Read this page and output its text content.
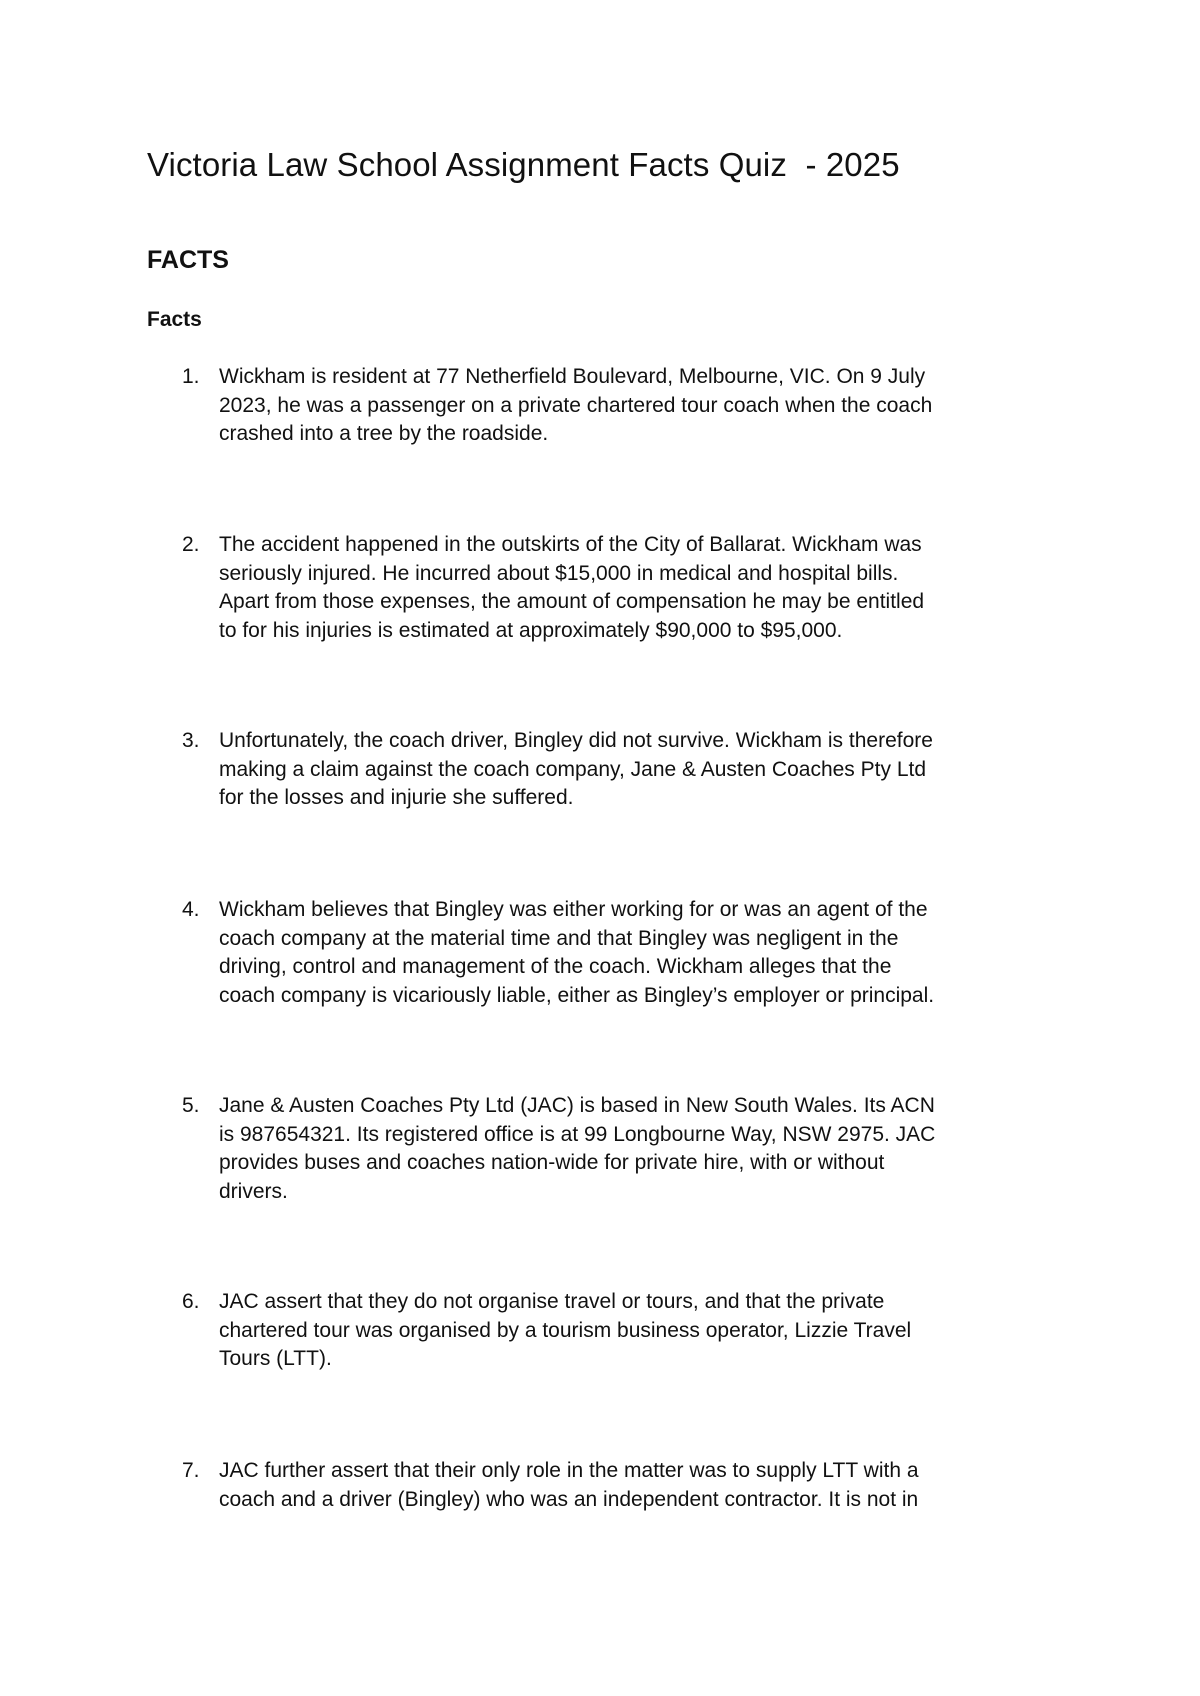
Victoria Law School Assignment Facts Quiz  - 2025
FACTS
Facts
1. Wickham is resident at 77 Netherfield Boulevard, Melbourne, VIC. On 9 July
2023, he was a passenger on a private chartered tour coach when the coach
crashed into a tree by the roadside.
2. The accident happened in the outskirts of the City of Ballarat. Wickham was
seriously injured. He incurred about $15,000 in medical and hospital bills.
Apart from those expenses, the amount of compensation he may be entitled
to for his injuries is estimated at approximately $90,000 to $95,000.
3. Unfortunately, the coach driver, Bingley did not survive. Wickham is therefore
making a claim against the coach company, Jane & Austen Coaches Pty Ltd
for the losses and injurie she suffered.
4. Wickham believes that Bingley was either working for or was an agent of the
coach company at the material time and that Bingley was negligent in the
driving, control and management of the coach. Wickham alleges that the
coach company is vicariously liable, either as Bingley’s employer or principal.
5. Jane & Austen Coaches Pty Ltd (JAC) is based in New South Wales. Its ACN
is 987654321. Its registered office is at 99 Longbourne Way, NSW 2975. JAC
provides buses and coaches nation-wide for private hire, with or without
drivers.
6. JAC assert that they do not organise travel or tours, and that the private
chartered tour was organised by a tourism business operator, Lizzie Travel
Tours (LTT).
7. JAC further assert that their only role in the matter was to supply LTT with a
coach and a driver (Bingley) who was an independent contractor. It is not in
